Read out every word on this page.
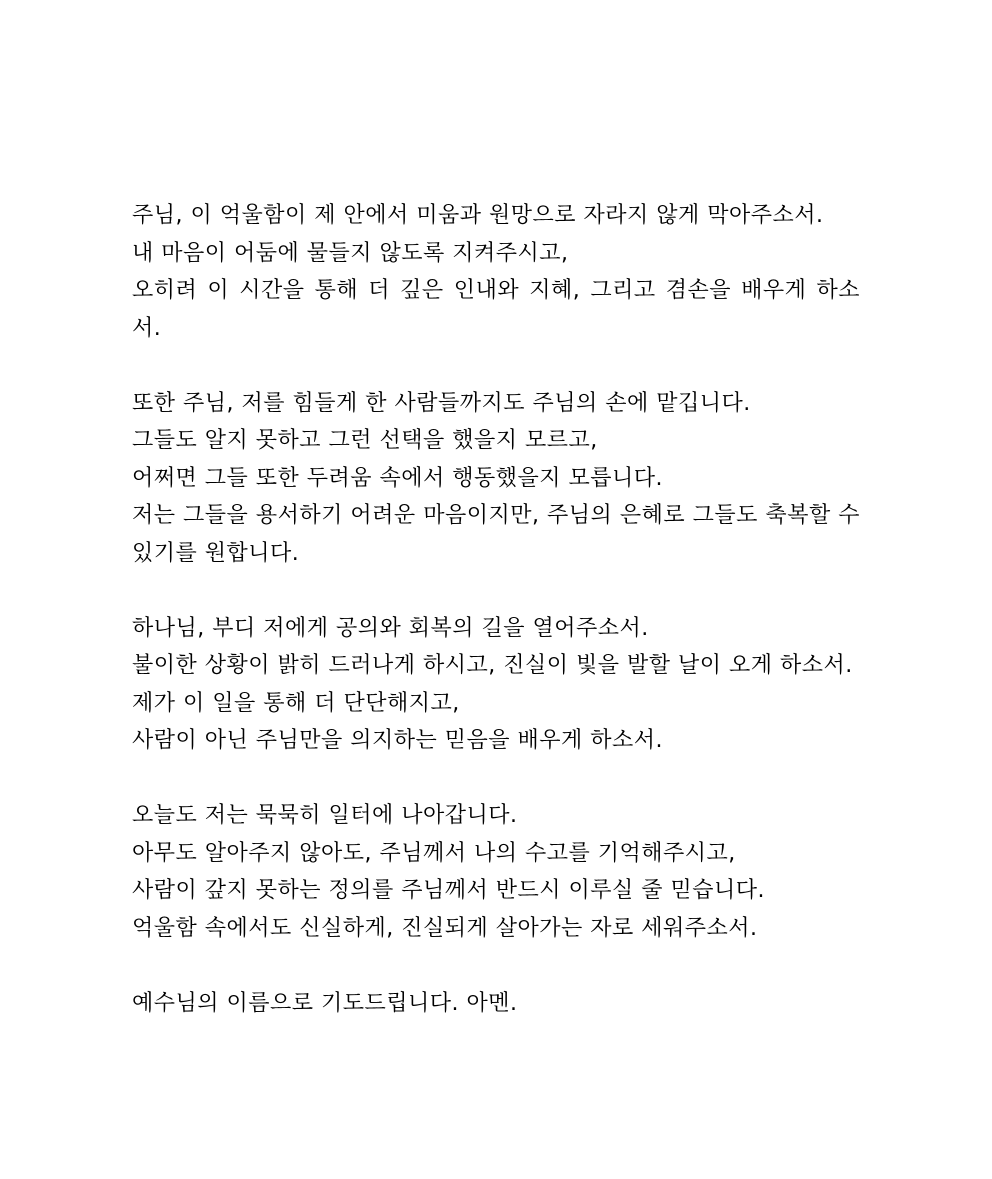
주님, 이 억울함이 제 안에서 미움과 원망으로 자라지 않게 막아주소서.
내 마음이 어둠에 물들지 않도록 지켜주시고,
오히려 이 시간을 통해 더 깊은 인내와 지혜, 그리고 겸손을 배우게 하소서.

또한 주님, 저를 힘들게 한 사람들까지도 주님의 손에 맡깁니다.
그들도 알지 못하고 그런 선택을 했을지 모르고,
어쩌면 그들 또한 두려움 속에서 행동했을지 모릅니다.
저는 그들을 용서하기 어려운 마음이지만, 주님의 은혜로 그들도 축복할 수 있기를 원합니다.

하나님, 부디 저에게 공의와 회복의 길을 열어주소서.
불이한 상황이 밝히 드러나게 하시고, 진실이 빛을 발할 날이 오게 하소서.
제가 이 일을 통해 더 단단해지고,
사람이 아닌 주님만을 의지하는 믿음을 배우게 하소서.

오늘도 저는 묵묵히 일터에 나아갑니다.
아무도 알아주지 않아도, 주님께서 나의 수고를 기억해주시고,
사람이 갚지 못하는 정의를 주님께서 반드시 이루실 줄 믿습니다.
억울함 속에서도 신실하게, 진실되게 살아가는 자로 세워주소서.

예수님의 이름으로 기도드립니다. 아멘.
